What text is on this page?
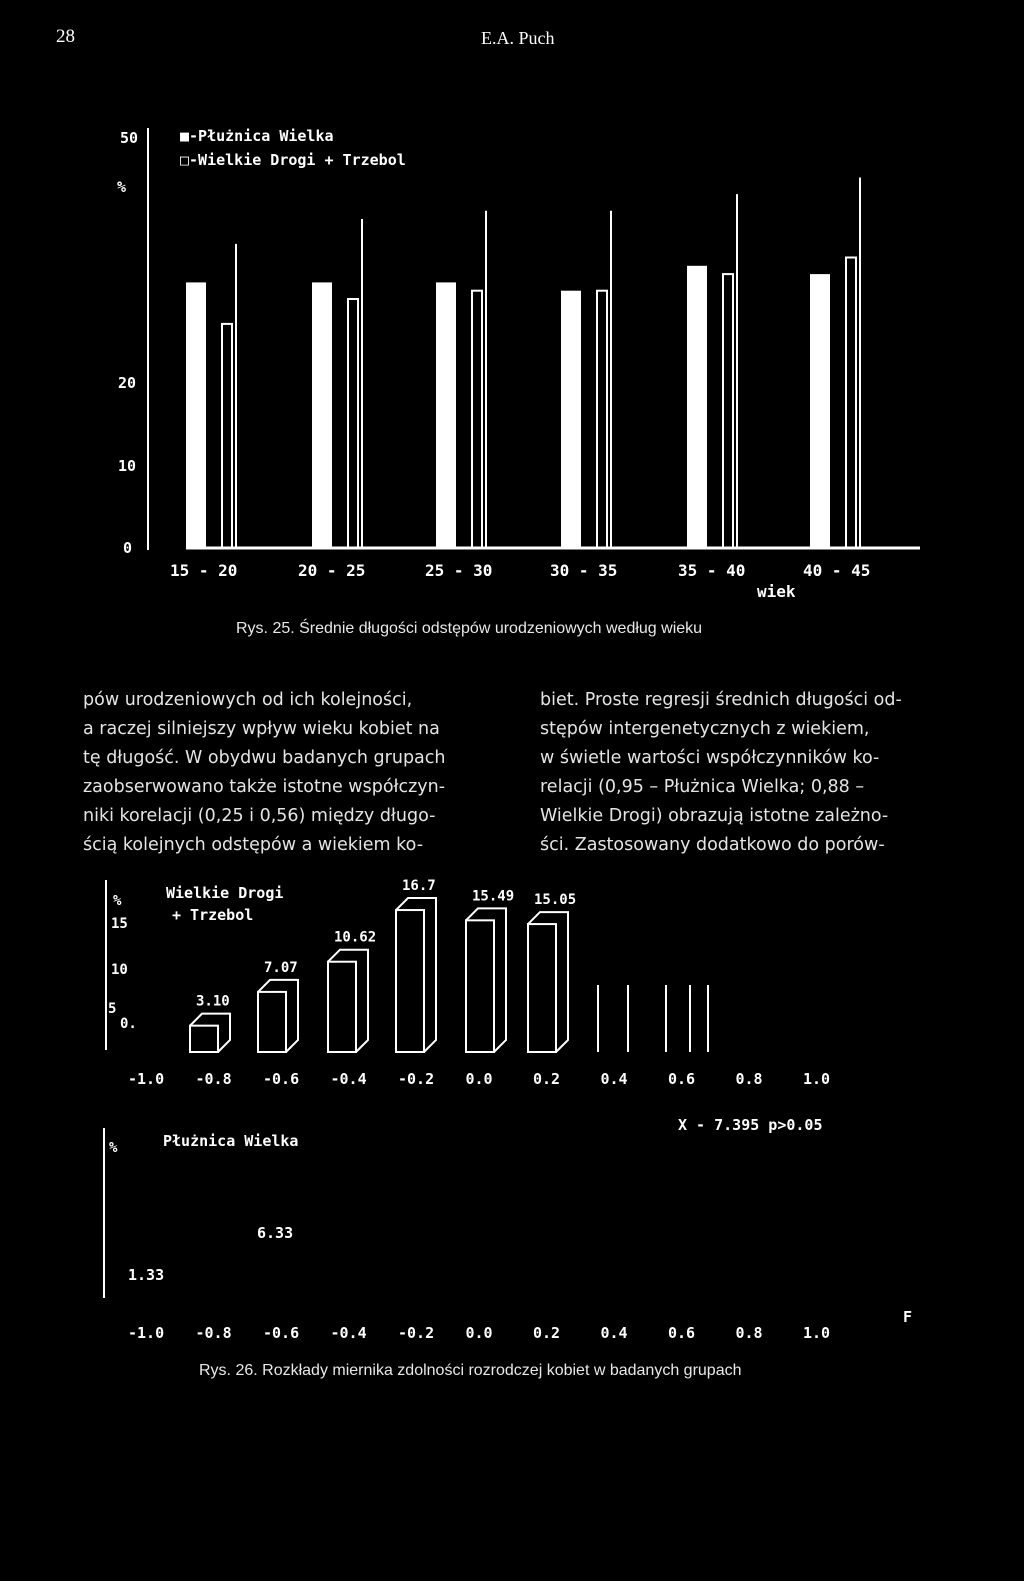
28	E.A. Puch
50
%
20
10
0
■-Płużnica Wielka
□-Wielkie Drogi + Trzebol
15 - 20	20 - 25	25 - 30	30 - 35	35 - 40	40 - 45
wiek
Rys. 25. Średnie długości odstępów urodzeniowych według wieku
pów urodzeniowych od ich kolejności,
a raczej silniejszy wpływ wieku kobiet na
tę długość. W obydwu badanych grupach
zaobserwowano także istotne współczyn-
niki korelacji (0,25 i 0,56) między długo-
ścią kolejnych odstępów a wiekiem ko-
biet. Proste regresji średnich długości od-
stępów intergenetycznych z wiekiem,
w świetle wartości współczynników ko-
relacji (0,95 – Płużnica Wielka; 0,88 –
Wielkie Drogi) obrazują istotne zależno-
ści. Zastosowany dodatkowo do porów-
%
15
10
5
0.
Wielkie Drogi
+ Trzebol
3.10
7.07
10.62
16.7
15.49 15.05
-1.0 -0.8 -0.6 -0.4 -0.2 0.0	0.2	0.4	0.6	0.8	1.0
X - 7.395 p>0.05
%	Płużnica Wielka
1.33
6.33
-1.0 -0.8 -0.6 -0.4 -0.2 0.0	0.2	0.4	0.6	0.8	1.0
F
Rys. 26. Rozkłady miernika zdolności rozrodczej kobiet w badanych grupach
